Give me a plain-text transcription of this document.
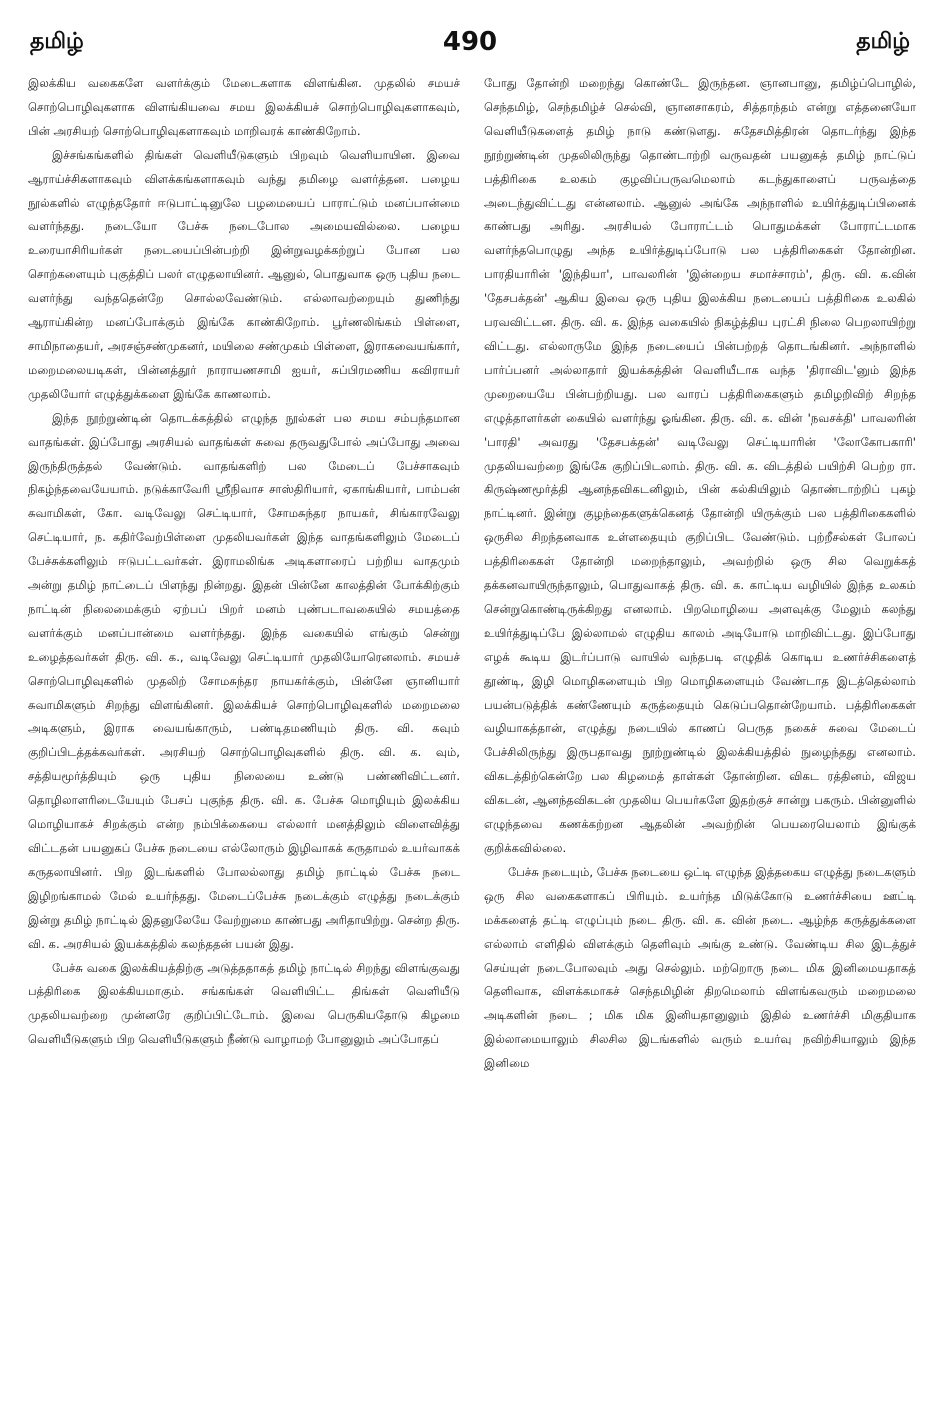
தமிழ்	490	தமிழ்

இலக்கிய வகைகளே வளர்க்கும் மேடைகளாக விளங்கின. முதலில் சமயச் சொற்பொழிவுகளாக விளங்கியவை சமய இலக்கியச் சொற்பொழிவுகளாகவும், பின் அரசியற் சொற்பொழிவுகளாகவும் மாறிவரக் காண்கிறோம்.

இச்சங்கங்களில் திங்கள் வெளியீடுகளும் பிறவும் வெளியாயின. இவை ஆராய்ச்சிகளாகவும் விளக்கங்களாகவும் வந்து தமிழை வளர்த்தன. பழைய நூல்களில் எழுந்ததோர் ஈடுபாட்டினுலே பழமையைப் பாராட்டும் மனப்பான்மை வளர்ந்தது. நடையோ பேச்சு நடைபோல அமையவில்லை. பழைய உரையாசிரியர்கள் நடையைப்பின்பற்றி இன்றுவழக்கற்றுப் போன பல சொற்களையும் புகுத்திப் பலர் எழுதலாயினர். ஆனுல், பொதுவாக ஒரு புதிய நடை வளர்ந்து வந்ததென்றே சொல்லவேண்டும். எல்லாவற்றையும் துணிந்து ஆராய்கின்ற மனப்போக்கும் இங்கே காண்கிறோம். பூர்ணலிங்கம் பிள்ளை, சாமிநாதையர், அரசஞ்சண்முகனர், மயிலை சண்முகம் பிள்ளை, இராகவையங்கார், மறைமலையடிகள், பின்னத்தூர் நாராயணசாமி ஐயர், சுப்பிரமணிய கவிராயர் முதலியோர் எழுத்துக்களை இங்கே காணலாம்.

இந்த நூற்றுண்டின் தொடக்கத்தில் எழுந்த நூல்கள் பல சமய சம்பந்தமான வாதங்கள். இப்போது அரசியல் வாதங்கள் சுவை தருவதுபோல் அப்போது அவை இருந்திருத்தல் வேண்டும். வாதங்களிற் பல மேடைப் பேச்சாகவும் நிகழ்ந்தவையேயாம். நடுக்காவேரி ஸ்ரீநிவாச சாஸ்திரியார், ஏகாங்கியார், பாம்பன் சுவாமிகள், கோ. வடிவேலு செட்டியார், சோமசுந்தர நாயகர், சிங்காரவேலு செட்டியார், ந. கதிர்வேற்பிள்ளை முதலியவர்கள் இந்த வாதங்களிலும் மேடைப் பேச்சுக்களிலும் ஈடுபட்டவர்கள். இராமலிங்க அடிகளாரைப் பற்றிய வாதமும் அன்று தமிழ் நாட்டைப் பிளந்து நின்றது. இதன் பின்னே காலத்தின் போக்கிற்கும் நாட்டின் நிலைமைக்கும் ஏற்பப் பிறர் மனம் புண்படாவகையில் சமயத்தை வளர்க்கும் மனப்பான்மை வளர்ந்தது. இந்த வகையில் எங்கும் சென்று உழைத்தவர்கள் திரு. வி. க., வடிவேலு செட்டியார் முதலியோரெனலாம். சமயச் சொற்பொழிவுகளில் முதலிற் சோமசுந்தர நாயகர்க்கும், பின்னே ஞானியார் சுவாமிகளும் சிறந்து விளங்கினர். இலக்கியச் சொற்பொழிவுகளில் மறைமலை அடிகளும், இராக வையங்காரும், பண்டிதமணியும் திரு. வி. கவும் குறிப்பிடத்தக்கவர்கள். அரசியற் சொற்பொழிவுகளில் திரு. வி. க. வும், சத்தியமூர்த்தியும் ஒரு புதிய நிலையை உண்டு பண்ணிவிட்டனர். தொழிலாளரிடையேயும் பேசப் புகுந்த திரு. வி. க. பேச்சு மொழியும் இலக்கிய மொழியாகச் சிறக்கும் என்ற நம்பிக்கையை எல்லார் மனத்திலும் விளைவித்து விட்டதன் பயனுகப் பேச்சு நடையை எல்லோரும் இழிவாகக் கருதாமல் உயர்வாகக் கருதலாயினர். பிற இடங்களில் போலல்லாது தமிழ் நாட்டில் பேச்சு நடை இழிறங்காமல் மேல் உயர்ந்தது. மேடைப்பேச்சு நடைக்கும் எழுத்து நடைக்கும் இன்று தமிழ் நாட்டில் இதனுலேயே வேற்றுமை காண்பது அரிதாயிற்று. சென்ற திரு. வி. க. அரசியல் இயக்கத்தில் கலந்ததன் பயன் இது.

பேச்சு வகை இலக்கியத்திற்கு அடுத்ததாகத் தமிழ் நாட்டில் சிறந்து விளங்குவது பத்திரிகை இலக்கியமாகும். சங்கங்கள் வெளியிட்ட திங்கள் வெளியீடு முதலியவற்றை முன்னரே குறிப்பிட்டோம். இவை பெருகியதோடு கிழமை வெளியீடுகளும் பிற வெளியீடுகளும் நீண்டு வாழாமற் போனுலும் அப்போதப்

போது தோன்றி மறைந்து கொண்டே இருந்தன. ஞானபானு, தமிழ்ப்பொழில், செந்தமிழ், செந்தமிழ்ச் செல்வி, ஞானசாகரம், சித்தாந்தம் என்று எத்தனையோ வெளியீடுகளைத் தமிழ் நாடு கண்டுளது. சுதேசமித்திரன் தொடர்ந்து இந்த நூற்றுண்டின் முதலிலிருந்து தொண்டாற்றி வருவதன் பயனுகத் தமிழ் நாட்டுப் பத்திரிகை உலகம் குழவிப்பருவமெலாம் கடந்துகாளைப் பருவத்தை அடைந்துவிட்டது என்னலாம். ஆனுல் அங்கே அந்நாளில் உயிர்த்துடிப்பினைக் காண்பது அரிது. அரசியல் போராட்டம் பொதுமக்கள் போராட்டமாக வளர்ந்தபொழுது அந்த உயிர்த்துடிப்போடு பல பத்திரிகைகள் தோன்றின. பாரதியாரின் 'இந்தியா', பாவலரின் 'இன்றைய சமாச்சாரம்', திரு. வி. க.வின் 'தேசபக்தன்' ஆகிய இவை ஒரு புதிய இலக்கிய நடையைப் பத்திரிகை உலகில் பரவவிட்டன. திரு. வி. க. இந்த வகையில் நிகழ்த்திய புரட்சி நிலை பெறலாயிற்று விட்டது. எல்லாருமே இந்த நடையைப் பின்பற்றத் தொடங்கினர். அந்நாளில் பார்ப்பனர் அல்லாதார் இயக்கத்தின் வெளியீடாக வந்த 'திராவிட'னும் இந்த முறையையே பின்பற்றியது. பல வாரப் பத்திரிகைகளும் தமிழறிவிற் சிறந்த எழுத்தாளர்கள் கையில் வளர்ந்து ஓங்கின. திரு. வி. க. வின் 'நவசக்தி' பாவலரின் 'பாரதி' அவரது 'தேசபக்தன்' வடிவேலு செட்டியாரின் 'லோகோபகாரி' முதலியவற்றை இங்கே குறிப்பிடலாம். திரு. வி. க. விடத்தில் பயிற்சி பெற்ற ரா. கிருஷ்ணமூர்த்தி ஆனந்தவிகடனிலும், பின் கல்கியிலும் தொண்டாற்றிப் புகழ் நாட்டினர். இன்று குழந்தைகளுக்கெனத் தோன்றி யிருக்கும் பல பத்திரிகைகளில் ஒருசில சிறந்தனவாக உள்ளதையும் குறிப்பிட வேண்டும். புற்றீசல்கள் போலப் பத்திரிகைகள் தோன்றி மறைந்தாலும், அவற்றில் ஒரு சில வெறுக்கத் தக்கனவாயிருந்தாலும், பொதுவாகத் திரு. வி. க. காட்டிய வழியில் இந்த உலகம் சென்றுகொண்டிருக்கிறது எனலாம். பிறமொழியை அளவுக்கு மேலும் கலந்து உயிர்த்துடிப்பே இல்லாமல் எழுதிய காலம் அடியோடு மாறிவிட்டது. இப்போது எழக் கூடிய இடர்ப்பாடு வாயில் வந்தபடி எழுதிக் கொடிய உணர்ச்சிகளைத் தூண்டி, இழி மொழிகளையும் பிற மொழிகளையும் வேண்டாத இடத்தெல்லாம் பயன்படுத்திக் கண்ணேயும் கருத்தையும் கெடுப்பதொன்றேயாம். பத்திரிகைகள் வழியாகத்தான், எழுத்து நடையில் காணப் பெருத நகைச் சுவை மேடைப் பேச்சிலிருந்து இருபதாவது நூற்றுண்டில் இலக்கியத்தில் நுழைந்தது எனலாம். விகடத்திற்கென்றே பல கிழமைத் தாள்கள் தோன்றின. விகட ரத்தினம், விஜய விகடன், ஆனந்தவிகடன் முதலிய பெயர்களே இதற்குச் சான்று பகரும். பின்னுளில் எழுந்தவை கணக்கற்றன ஆதலின் அவற்றின் பெயரையெலாம் இங்குக் குறிக்கவில்லை.

பேச்சு நடையும், பேச்சு நடையை ஒட்டி எழுந்த இத்தகைய எழுத்து நடைகளும் ஒரு சில வகைகளாகப் பிரியும். உயர்ந்த மிடுக்கோடு உணர்ச்சியை ஊட்டி மக்களைத் தட்டி எழுப்பும் நடை திரு. வி. க. வின் நடை. ஆழ்ந்த கருத்துக்களை எல்லாம் எளிதில் விளக்கும் தெளிவும் அங்கு உண்டு. வேண்டிய சில இடத்துச் செய்யுள் நடைபோலவும் அது செல்லும். மற்றொரு நடை மிக இனிமையதாகத் தெளிவாக, விளக்கமாகச் செந்தமிழின் திறமெலாம் விளங்கவரும் மறைமலை அடிகளின் நடை ; மிக மிக இனியதானுலும் இதில் உணர்ச்சி மிகுதியாக இல்லாமையாலும் சிலசில இடங்களில் வரும் உயர்வு நவிற்சியாலும் இந்த இனிமை
